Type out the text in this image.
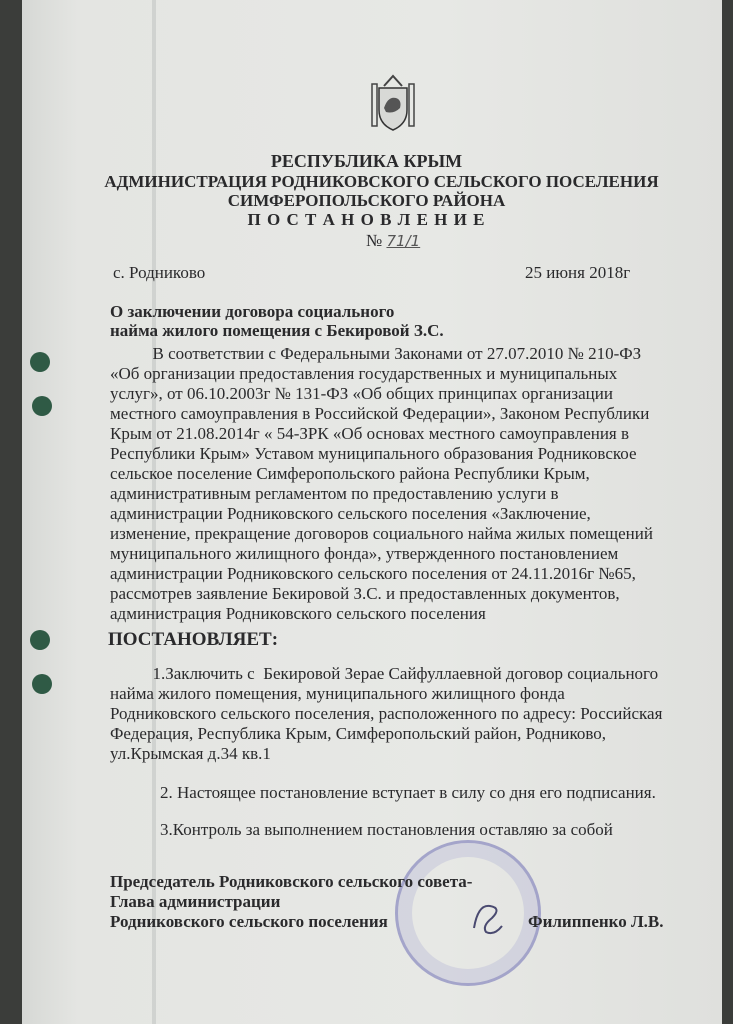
РЕСПУБЛИКА КРЫМ
АДМИНИСТРАЦИЯ РОДНИКОВСКОГО СЕЛЬСКОГО ПОСЕЛЕНИЯ
СИМФЕРОПОЛЬСКОГО РАЙОНА
П О С Т А Н О В Л Е Н И Е
№ 71/1
с. Родниково	25 июня 2018г

О заключении договора социального

найма жилого помещения с Бекировой З.С.

В соответствии с Федеральными Законами от 27.07.2010 № 210-ФЗ

«Об организации предоставления государственных и муниципальных

услуг», от 06.10.2003г № 131-ФЗ «Об общих принципах организации

местного самоуправления в Российской Федерации», Законом Республики

Крым от 21.08.2014г « 54-ЗРК «Об основах местного самоуправления в

Республики Крым» Уставом муниципального образования Родниковское

сельское поселение Симферопольского района Республики Крым,

административным регламентом по предоставлению услуги в

администрации Родниковского сельского поселения «Заключение,

изменение, прекращение договоров социального найма жилых помещений

муниципального жилищного фонда», утвержденного постановлением

администрации Родниковского сельского поселения от 24.11.2016г №65,

рассмотрев заявление Бекировой З.С. и предоставленных документов,

администрация Родниковского сельского поселения

ПОСТАНОВЛЯЕТ:

1.Заключить с  Бекировой Зерае Сайфуллаевной договор социального

найма жилого помещения, муниципального жилищного фонда

Родниковского сельского поселения, расположенного по адресу: Российская

Федерация, Республика Крым, Симферопольский район, Родниково,

ул.Крымская д.34 кв.1

2. Настоящее постановление вступает в силу со дня его подписания.
3.Контроль за выполнением постановления оставляю за собой
Председатель Родниковского сельского совета-
Глава администрации
Родниковского сельского поселения	Филиппенко Л.В.
